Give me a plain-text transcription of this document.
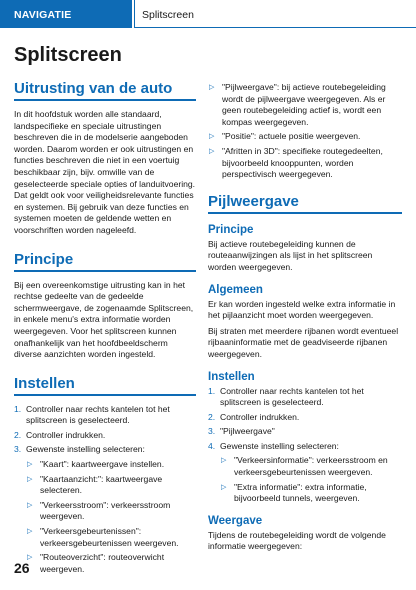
NAVIGATIE	Splitscreen
Splitscreen
Uitrusting van de auto

In dit hoofdstuk worden alle standaard, landspecifieke en speciale uitrustingen beschreven die in de modelserie aangeboden worden. Daarom worden er ook uitrustingen en functies beschreven die niet in een voertuig beschikbaar zijn, bijv. omwille van de geselecteerde speciale opties of landuitvoering. Dat geldt ook voor veiligheidsrelevante functies en systemen. Bij gebruik van deze functies en systemen moeten de geldende wetten en voorschriften worden nageleefd.

Principe

Bij een overeenkomstige uitrusting kan in het rechtse gedeelte van de gedeelde schermweergave, de zogenaamde Splitscreen, in enkele menu's extra informatie worden weergegeven. Voor het splitscreen kunnen onafhankelijk van het hoofdbeeldscherm diverse aanzichten worden ingesteld.

Instellen
1. Controller naar rechts kantelen tot het splitscreen is geselecteerd.
2. Controller indrukken.
3. Gewenste instelling selecteren:
▷ "Kaart": kaartweergave instellen.
▷ "Kaartaanzicht:": kaartweergave selecteren.
▷ "Verkeersstroom": verkeersstroom weergeven.
▷ "Verkeersgebeurtenissen": verkeersgebeurtenissen weergeven.
▷ "Routeoverzicht": routeoverwicht weergeven.
▷ "Pijlweergave": bij actieve routebegeleiding wordt de pijlweergave weergegeven. Als er geen routebegeleiding actief is, wordt een kompas weergegeven.
▷ "Positie": actuele positie weergeven.
▷ "Afritten in 3D": specifieke routegedeelten, bijvoorbeeld knooppunten, worden perspectivisch weergegeven.
Pijlweergave
Principe

Bij actieve routebegeleiding kunnen de routeaanwijzingen als lijst in het splitscreen worden weergegeven.

Algemeen

Er kan worden ingesteld welke extra informatie in het pijlaanzicht moet worden weergegeven.

Bij straten met meerdere rijbanen wordt eventueel rijbaaninformatie met de geadviseerde rijbanen weergegeven.

Instellen
1. Controller naar rechts kantelen tot het splitscreen is geselecteerd.
2. Controller indrukken.
3. "Pijlweergave"
4. Gewenste instelling selecteren:
▷ "Verkeersinformatie": verkeersstroom en verkeersgebeurtenissen weergeven.
▷ "Extra informatie": extra informatie, bijvoorbeeld tunnels, weergeven.
Weergave

Tijdens de routebegeleiding wordt de volgende informatie weergegeven:

26
